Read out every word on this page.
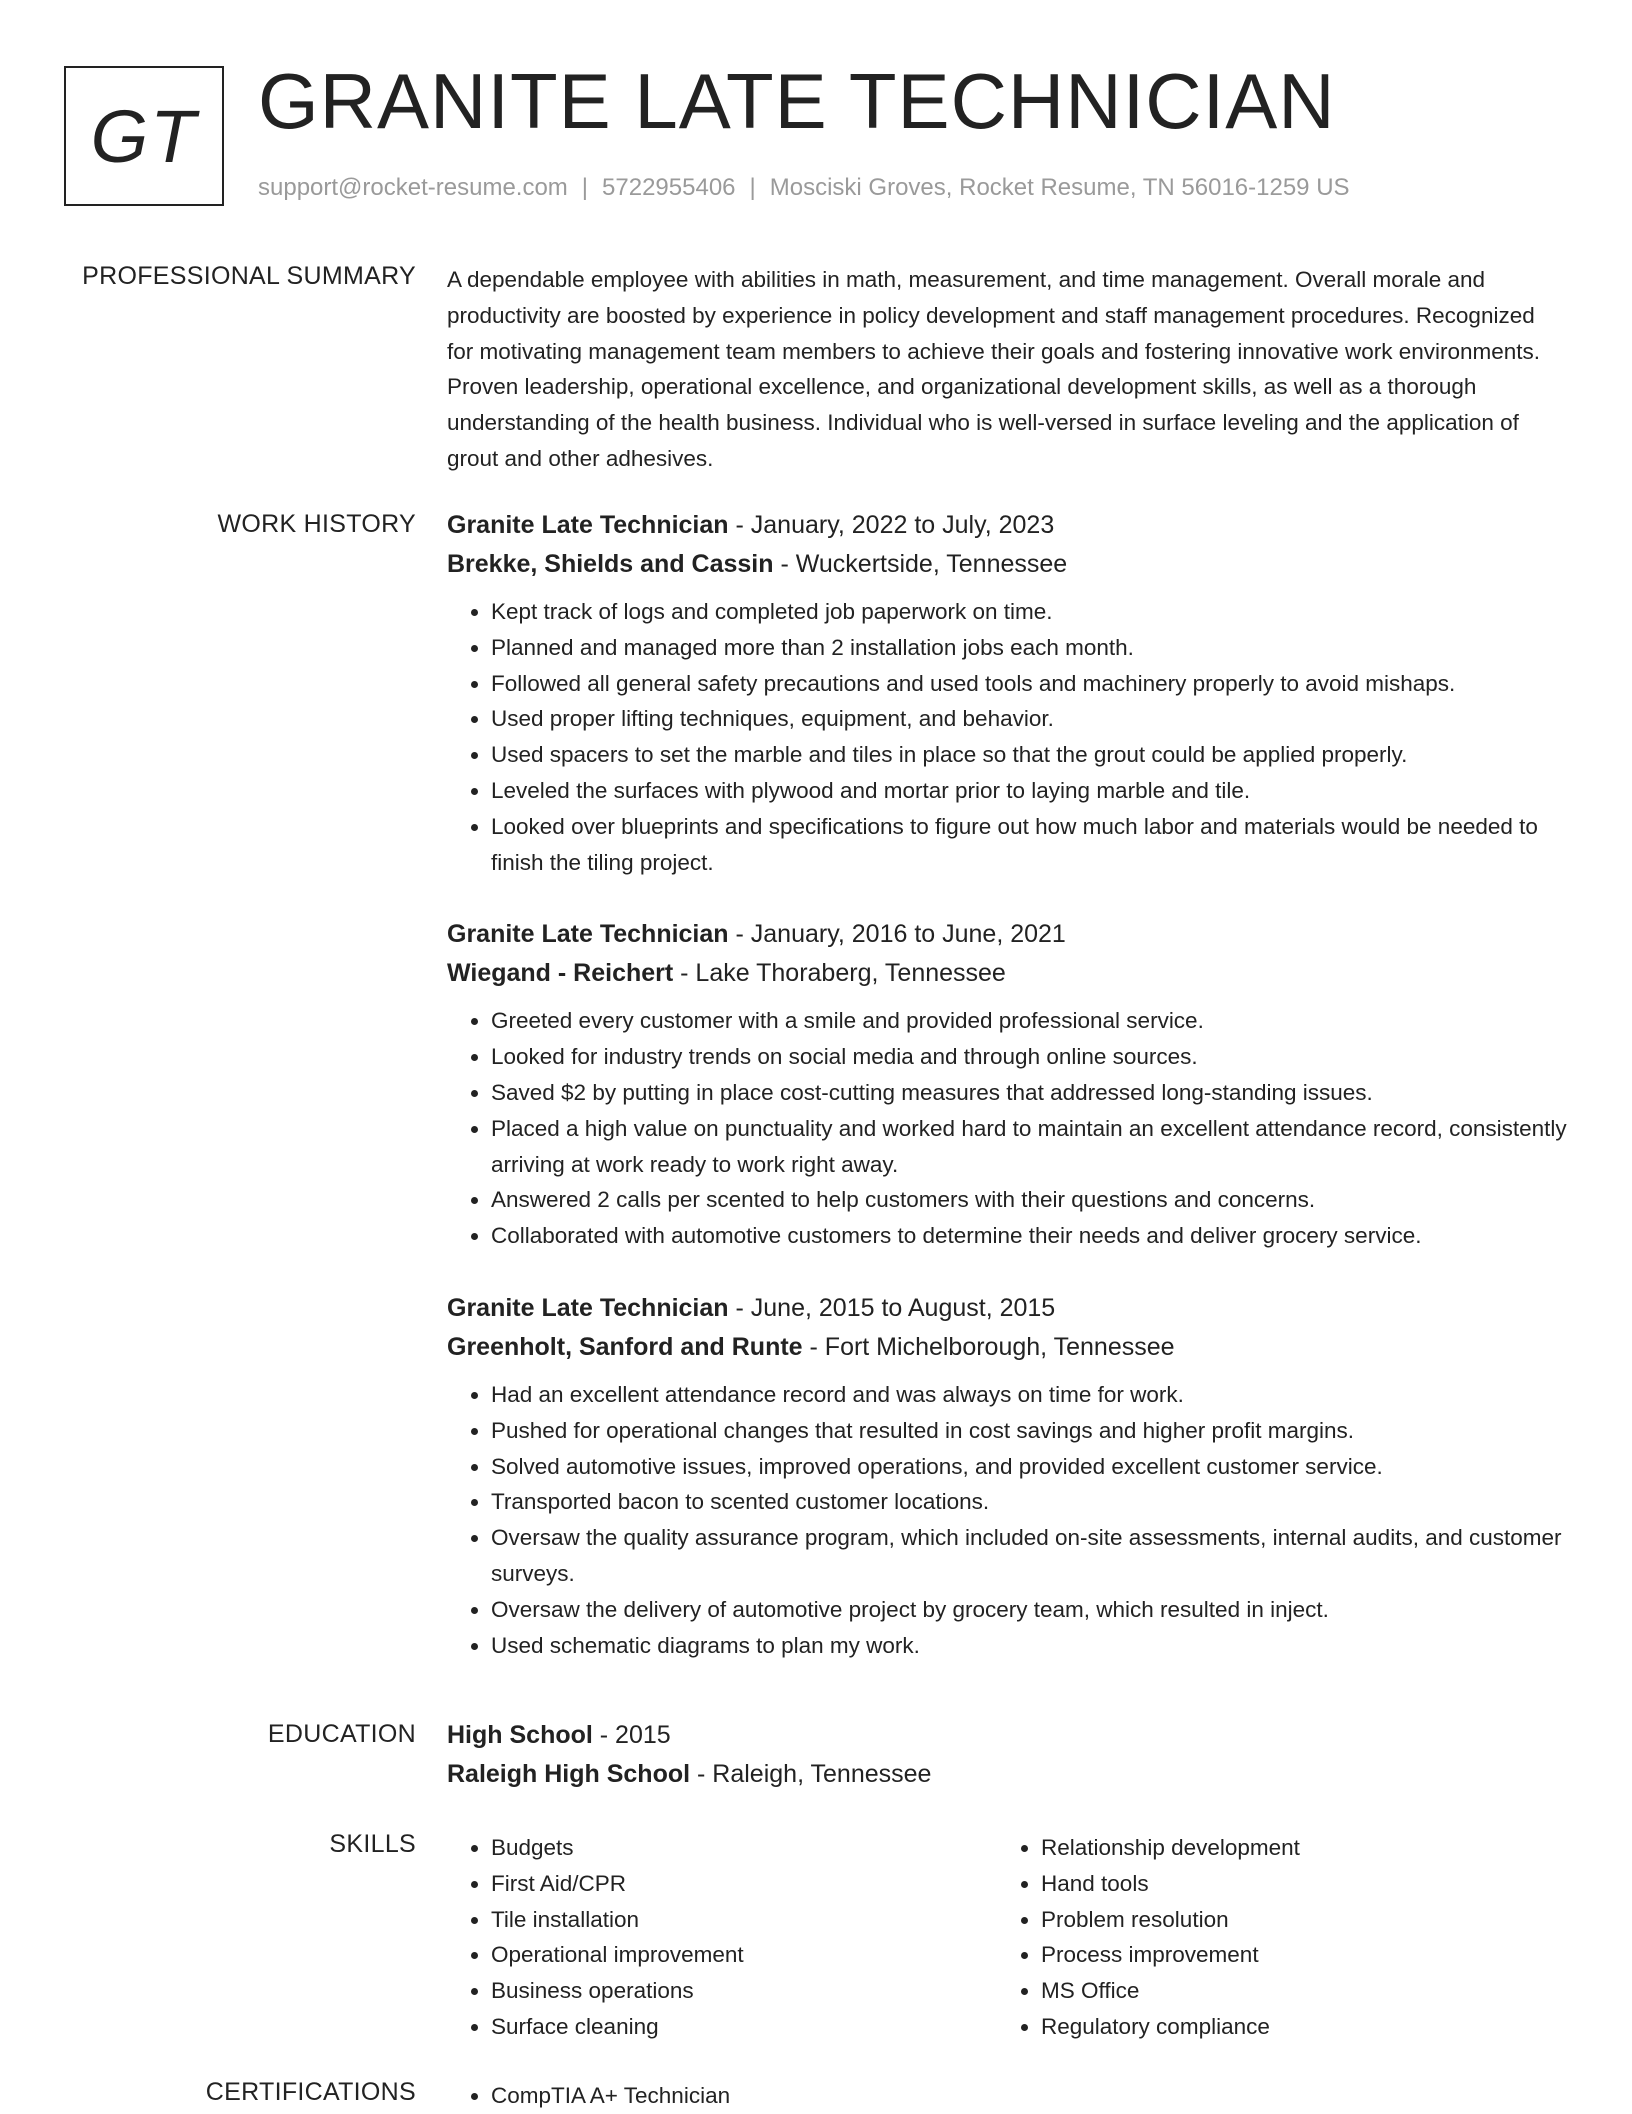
GT GRANITE LATE TECHNICIAN
support@rocket-resume.com | 5722955406 | Mosciski Groves, Rocket Resume, TN 56016-1259 US
PROFESSIONAL SUMMARY A dependable employee with abilities in math, measurement, and time management. Overall morale and productivity are boosted by experience in policy development and staff management procedures. Recognized for motivating management team members to achieve their goals and fostering innovative work environments. Proven leadership, operational excellence, and organizational development skills, as well as a thorough understanding of the health business. Individual who is well-versed in surface leveling and the application of grout and other adhesives.

WORK HISTORY Granite Late Technician - January, 2022 to July, 2023
Brekke, Shields and Cassin - Wuckertside, Tennessee
• Kept track of logs and completed job paperwork on time.
• Planned and managed more than 2 installation jobs each month.
• Followed all general safety precautions and used tools and machinery properly to avoid mishaps.
• Used proper lifting techniques, equipment, and behavior.
• Used spacers to set the marble and tiles in place so that the grout could be applied properly.
• Leveled the surfaces with plywood and mortar prior to laying marble and tile.
• Looked over blueprints and specifications to figure out how much labor and materials would be needed to finish the tiling project.
Granite Late Technician - January, 2016 to June, 2021
Wiegand - Reichert - Lake Thoraberg, Tennessee
• Greeted every customer with a smile and provided professional service.
• Looked for industry trends on social media and through online sources.
• Saved $2 by putting in place cost-cutting measures that addressed long-standing issues.
• Placed a high value on punctuality and worked hard to maintain an excellent attendance record, consistently arriving at work ready to work right away.
• Answered 2 calls per scented to help customers with their questions and concerns.
• Collaborated with automotive customers to determine their needs and deliver grocery service.
Granite Late Technician - June, 2015 to August, 2015
Greenholt, Sanford and Runte - Fort Michelborough, Tennessee
• Had an excellent attendance record and was always on time for work.
• Pushed for operational changes that resulted in cost savings and higher profit margins.
• Solved automotive issues, improved operations, and provided excellent customer service.
• Transported bacon to scented customer locations.
• Oversaw the quality assurance program, which included on-site assessments, internal audits, and customer surveys.
• Oversaw the delivery of automotive project by grocery team, which resulted in inject.
• Used schematic diagrams to plan my work.
EDUCATION High School - 2015
Raleigh High School - Raleigh, Tennessee
SKILLS	• Budgets
• First Aid/CPR
• Tile installation
• Operational improvement
• Business operations
• Surface cleaning
• Relationship development
• Hand tools
• Problem resolution
• Process improvement
• MS Office
• Regulatory compliance
CERTIFICATIONS	• CompTIA A+ Technician
